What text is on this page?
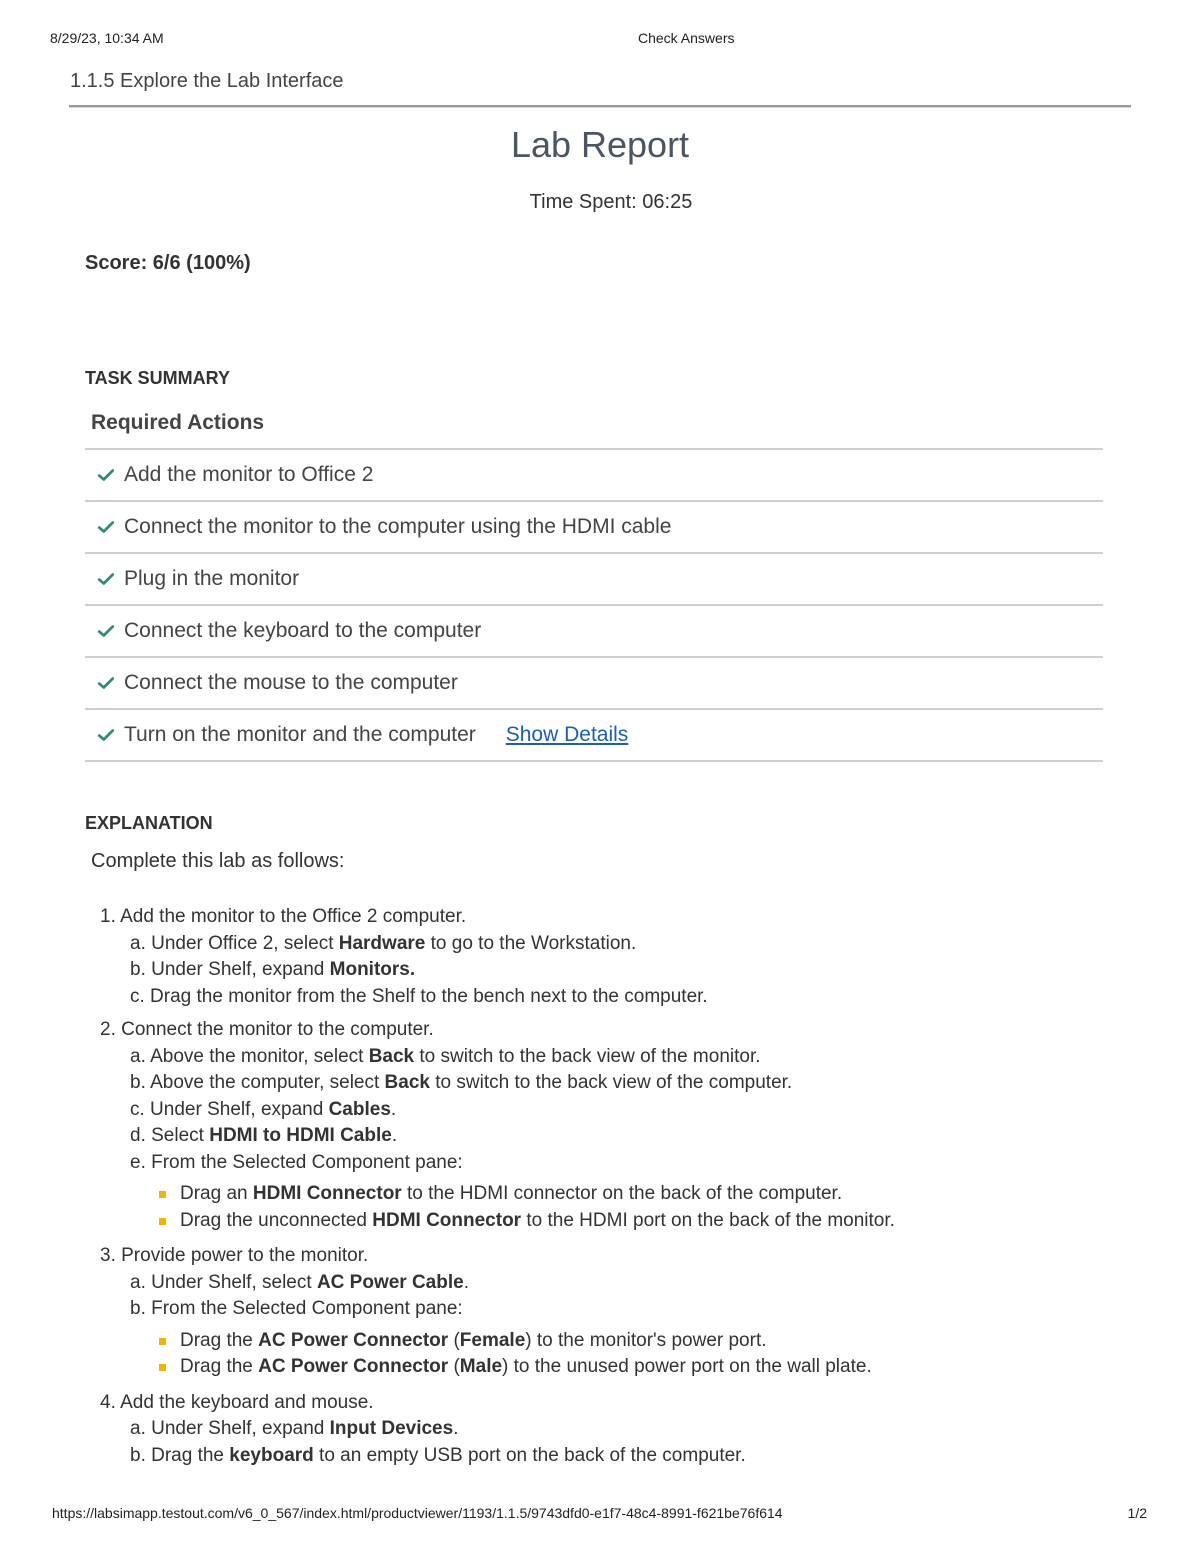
8/29/23, 10:34 AM	Check Answers
1.1.5 Explore the Lab Interface
Lab Report
Time Spent: 06:25
Score: 6/6 (100%)
TASK SUMMARY
Required Actions
Add the monitor to Office 2
Connect the monitor to the computer using the HDMI cable
Plug in the monitor
Connect the keyboard to the computer
Connect the mouse to the computer
Turn on the monitor and the computer Show Details
EXPLANATION
Complete this lab as follows:
1. Add the monitor to the Office 2 computer.
a. Under Office 2, select Hardware to go to the Workstation.
b. Under Shelf, expand Monitors.
c. Drag the monitor from the Shelf to the bench next to the computer.
2. Connect the monitor to the computer.
a. Above the monitor, select Back to switch to the back view of the monitor.
b. Above the computer, select Back to switch to the back view of the computer.
c. Under Shelf, expand Cables.
d. Select HDMI to HDMI Cable.
e. From the Selected Component pane:
Drag an HDMI Connector to the HDMI connector on the back of the computer.
Drag the unconnected HDMI Connector to the HDMI port on the back of the monitor.
3. Provide power to the monitor.
a. Under Shelf, select AC Power Cable.
b. From the Selected Component pane:
Drag the AC Power Connector (Female) to the monitor's power port.
Drag the AC Power Connector (Male) to the unused power port on the wall plate.
4. Add the keyboard and mouse.
a. Under Shelf, expand Input Devices.
b. Drag the keyboard to an empty USB port on the back of the computer.
https://labsimapp.testout.com/v6_0_567/index.html/productviewer/1193/1.1.5/9743dfd0-e1f7-48c4-8991-f621be76f614	1/2
